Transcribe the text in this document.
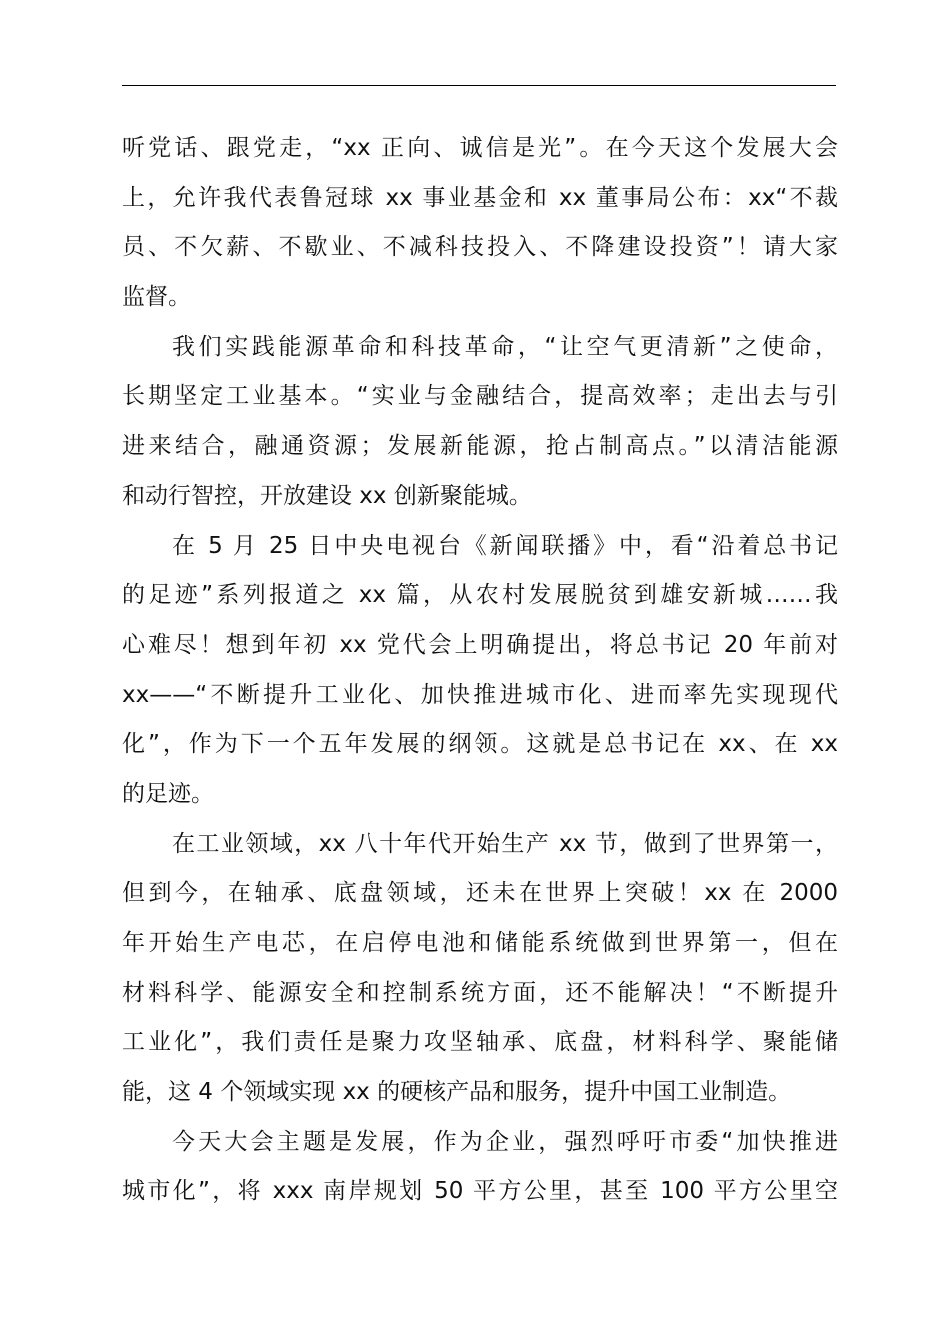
听党话、跟党走，“xx 正向、诚信是光”。在今天这个发展大会
上，允许我代表鲁冠球 xx 事业基金和 xx 董事局公布：xx“不裁
员、不欠薪、不歇业、不减科技投入、不降建设投资”！请大家
监督。
我们实践能源革命和科技革命，“让空气更清新”之使命，
长期坚定工业基本。“实业与金融结合，提高效率；走出去与引
进来结合，融通资源；发展新能源，抢占制高点。”以清洁能源
和动行智控，开放建设 xx 创新聚能城。
在 5 月 25 日中央电视台《新闻联播》中，看“沿着总书记
的足迹”系列报道之 xx 篇，从农村发展脱贫到雄安新城……我
心难尽！想到年初 xx 党代会上明确提出，将总书记 20 年前对
xx——“不断提升工业化、加快推进城市化、进而率先实现现代
化”，作为下一个五年发展的纲领。这就是总书记在 xx、在 xx
的足迹。
在工业领域，xx 八十年代开始生产 xx 节，做到了世界第一，
但到今，在轴承、底盘领域，还未在世界上突破！xx 在 2000
年开始生产电芯，在启停电池和储能系统做到世界第一，但在
材料科学、能源安全和控制系统方面，还不能解决！“不断提升
工业化”，我们责任是聚力攻坚轴承、底盘，材料科学、聚能储
能，这 4 个领域实现 xx 的硬核产品和服务，提升中国工业制造。
今天大会主题是发展，作为企业，强烈呼吁市委“加快推进
城市化”，将 xxx 南岸规划 50 平方公里，甚至 100 平方公里空
